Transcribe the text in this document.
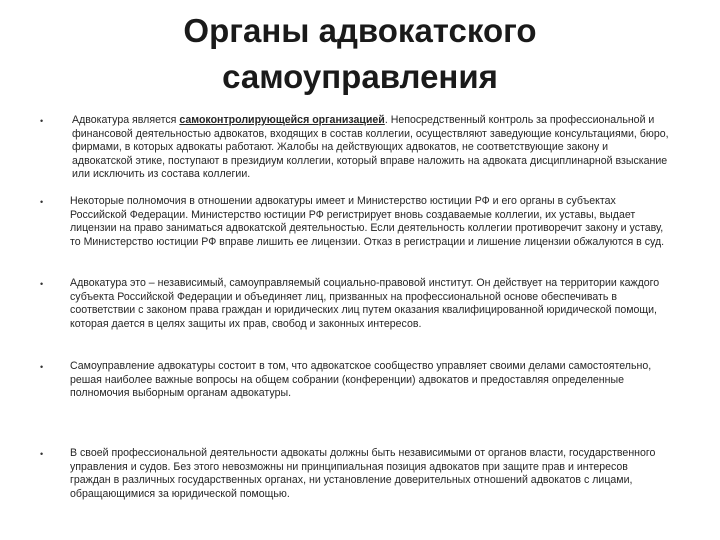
Органы адвокатского
самоуправления
•	Адвокатура является самоконтролирующейся организацией. Непосредственный контроль за профессиональной и финансовой деятельностью адвокатов, входящих в состав коллегии, осуществляют заведующие консультациями, бюро, фирмами, в которых адвокаты работают. Жалобы на действующих адвокатов, не соответствующие закону и адвокатской этике, поступают в президиум коллегии, который вправе наложить на адвоката дисциплинарной взыскание или исключить из состава коллегии.
•	Некоторые полномочия в отношении адвокатуры имеет и Министерство юстиции РФ и его органы в субъектах Российской Федерации. Министерство юстиции РФ регистрирует вновь создаваемые коллегии, их уставы, выдает лицензии на право заниматься адвокатской деятельностью. Если деятельность коллегии противоречит закону и уставу, то Министерство юстиции РФ вправе лишить ее лицензии. Отказ в регистрации и лишение лицензии обжалуются в суд.
•	Адвокатура это – независимый, самоуправляемый социально-правовой институт. Он действует на территории каждого субъекта Российской Федерации и объединяет лиц, призванных на профессиональной основе обеспечивать в соответствии с законом права граждан и юридических лиц путем оказания квалифицированной юридической помощи, которая дается в целях защиты их прав, свобод и законных интересов.
•	Самоуправление адвокатуры состоит в том, что адвокатское сообщество управляет своими делами самостоятельно, решая наиболее важные вопросы на общем собрании (конференции) адвокатов и предоставляя определенные полномочия выборным органам адвокатуры.
•	В своей профессиональной деятельности адвокаты должны быть независимыми от органов власти, государственного управления и судов. Без этого невозможны ни принципиальная позиция адвокатов при защите прав и интересов граждан в различных государственных органах, ни установление доверительных отношений адвокатов с лицами, обращающимися за юридической помощью.
